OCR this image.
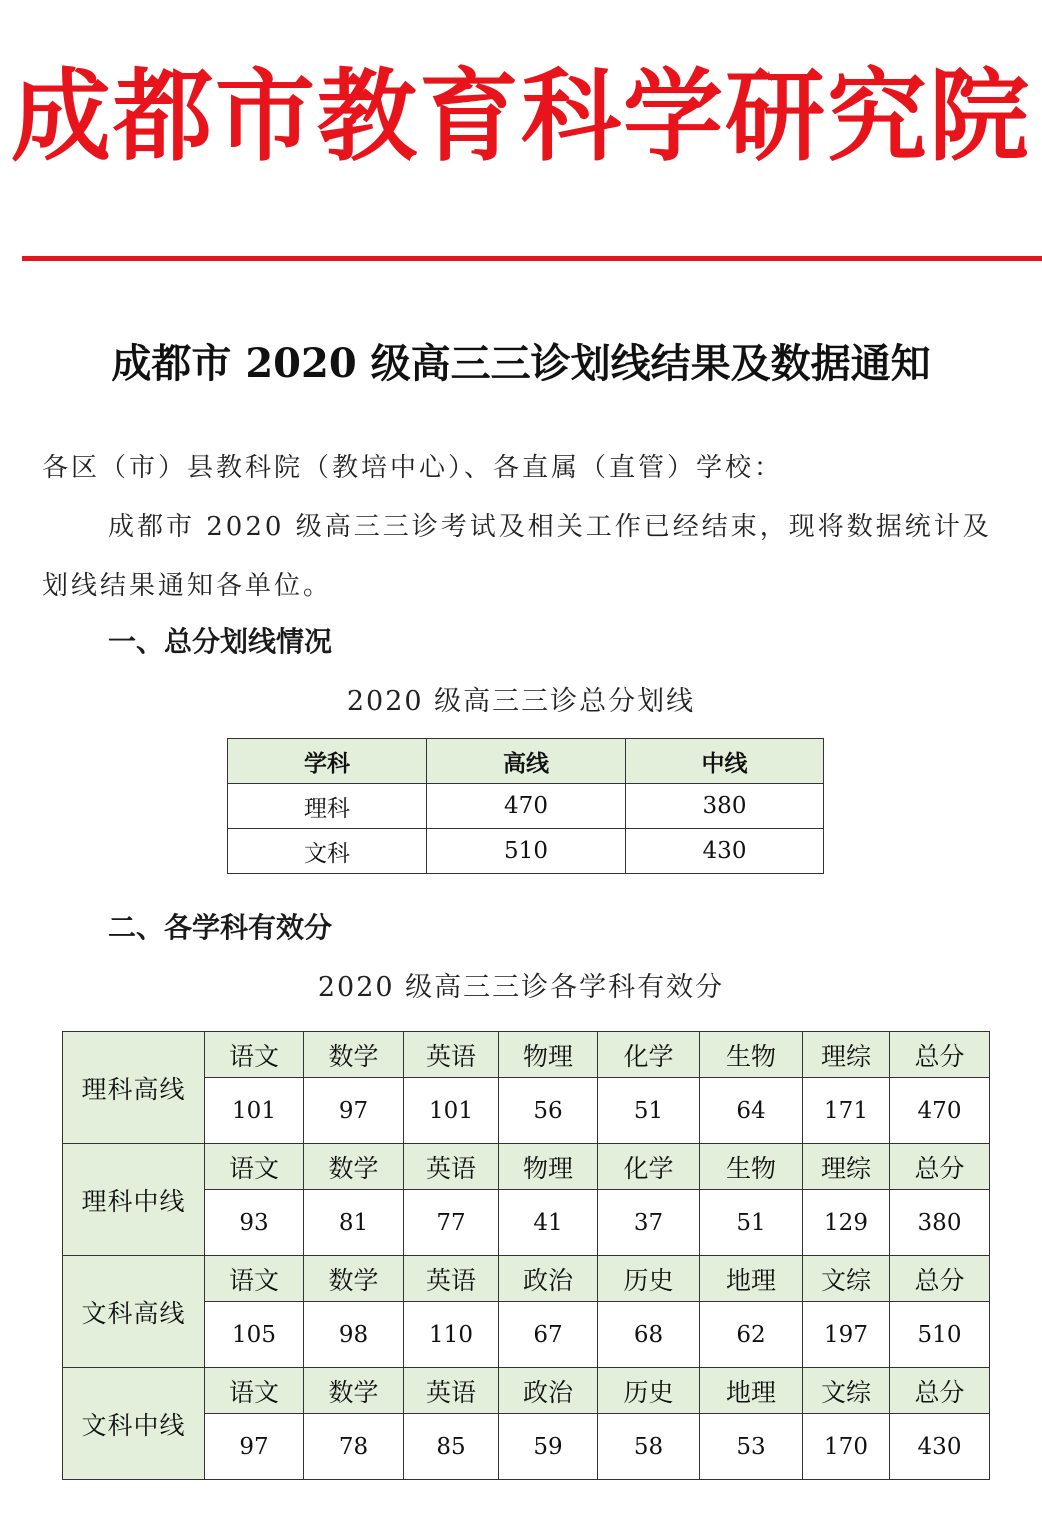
成都市教育科学研究院
成都市 2020 级高三三诊划线结果及数据通知
各区（市）县教科院（教培中心）、各直属（直管）学校：
成都市 2020 级高三三诊考试及相关工作已经结束，现将数据统计及
划线结果通知各单位。
一、总分划线情况
2020 级高三三诊总分划线
学科	高线	中线
理科	470	380
文科	510	430
二、各学科有效分
2020 级高三三诊各学科有效分
理科高线	语文	数学	英语	物理	化学	生物	理综	总分
	101	97	101	56	51	64	171	470
理科中线	语文	数学	英语	物理	化学	生物	理综	总分
	93	81	77	41	37	51	129	380
文科高线	语文	数学	英语	政治	历史	地理	文综	总分
	105	98	110	67	68	62	197	510
文科中线	语文	数学	英语	政治	历史	地理	文综	总分
	97	78	85	59	58	53	170	430
